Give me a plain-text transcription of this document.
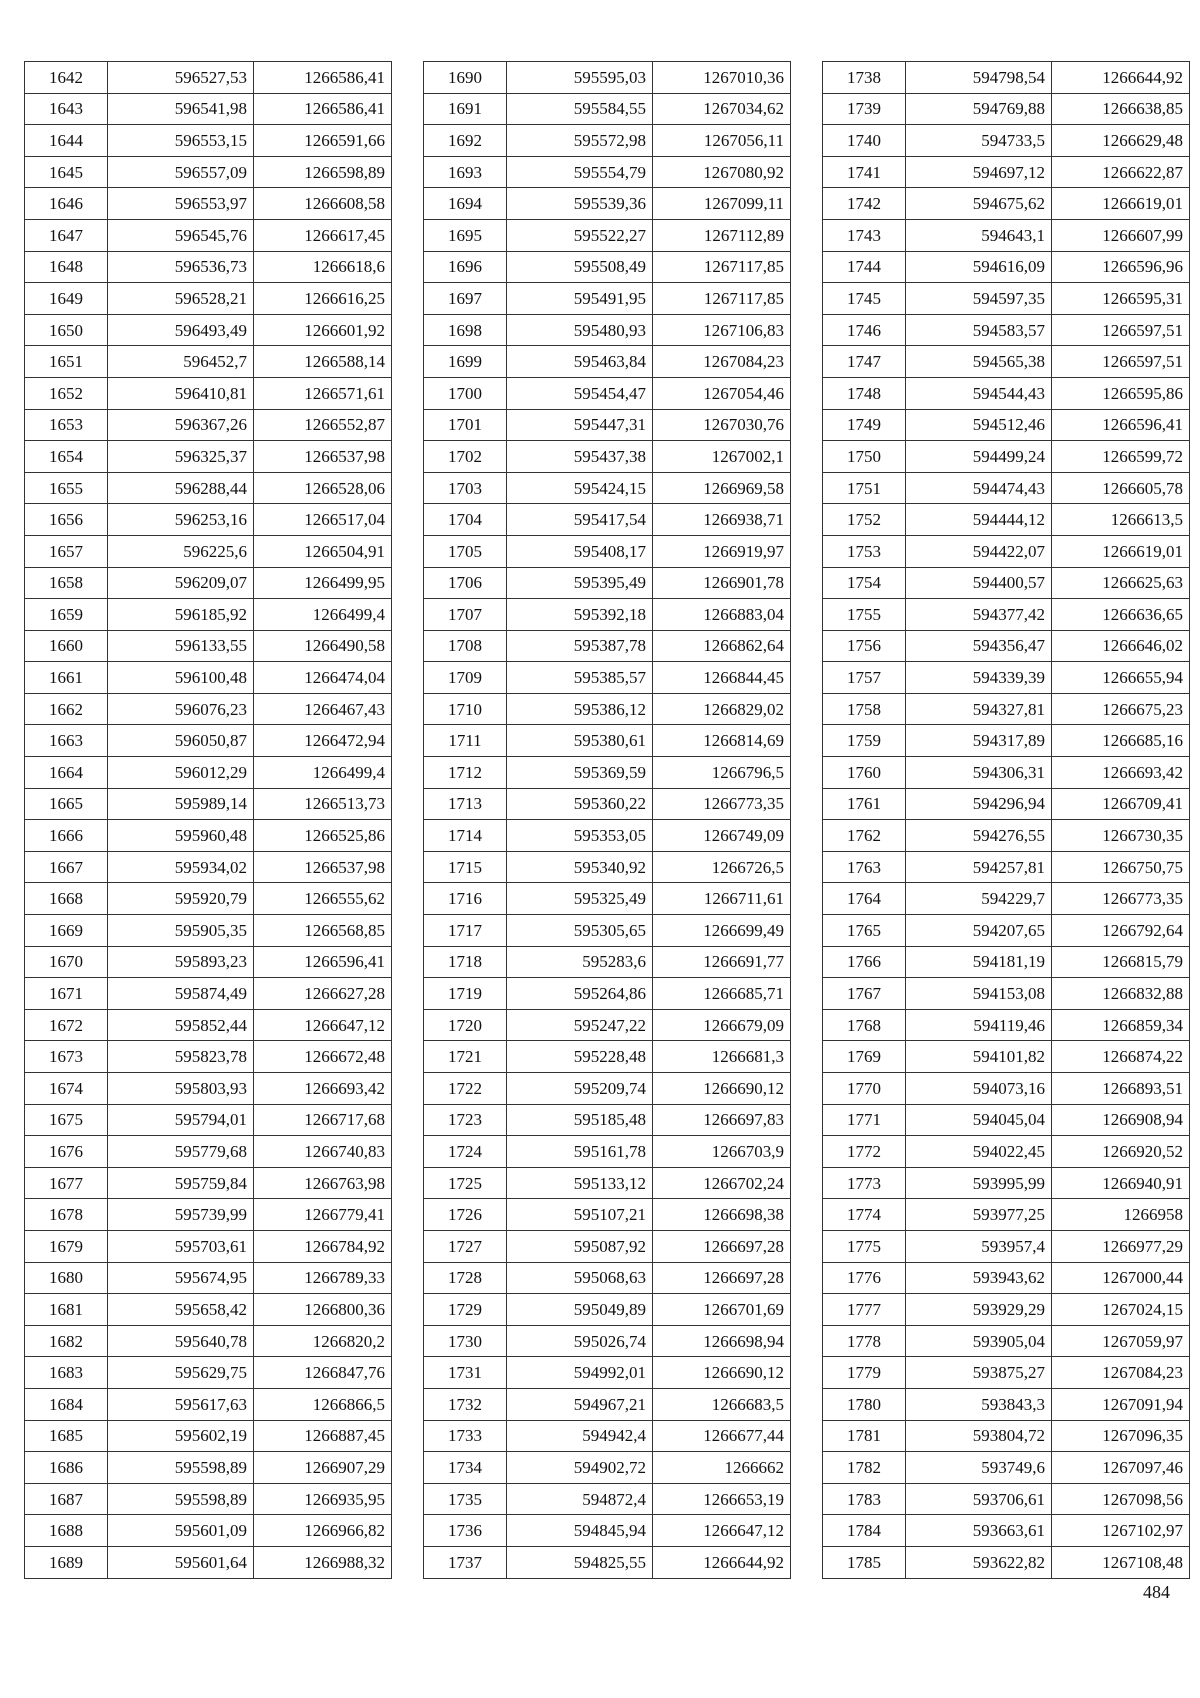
1642	596527,53	1266586,41
1643	596541,98	1266586,41
1644	596553,15	1266591,66
1645	596557,09	1266598,89
1646	596553,97	1266608,58
1647	596545,76	1266617,45
1648	596536,73	1266618,6
1649	596528,21	1266616,25
1650	596493,49	1266601,92
1651	596452,7	1266588,14
1652	596410,81	1266571,61
1653	596367,26	1266552,87
1654	596325,37	1266537,98
1655	596288,44	1266528,06
1656	596253,16	1266517,04
1657	596225,6	1266504,91
1658	596209,07	1266499,95
1659	596185,92	1266499,4
1660	596133,55	1266490,58
1661	596100,48	1266474,04
1662	596076,23	1266467,43
1663	596050,87	1266472,94
1664	596012,29	1266499,4
1665	595989,14	1266513,73
1666	595960,48	1266525,86
1667	595934,02	1266537,98
1668	595920,79	1266555,62
1669	595905,35	1266568,85
1670	595893,23	1266596,41
1671	595874,49	1266627,28
1672	595852,44	1266647,12
1673	595823,78	1266672,48
1674	595803,93	1266693,42
1675	595794,01	1266717,68
1676	595779,68	1266740,83
1677	595759,84	1266763,98
1678	595739,99	1266779,41
1679	595703,61	1266784,92
1680	595674,95	1266789,33
1681	595658,42	1266800,36
1682	595640,78	1266820,2
1683	595629,75	1266847,76
1684	595617,63	1266866,5
1685	595602,19	1266887,45
1686	595598,89	1266907,29
1687	595598,89	1266935,95
1688	595601,09	1266966,82
1689	595601,64	1266988,32
1690	595595,03	1267010,36
1691	595584,55	1267034,62
1692	595572,98	1267056,11
1693	595554,79	1267080,92
1694	595539,36	1267099,11
1695	595522,27	1267112,89
1696	595508,49	1267117,85
1697	595491,95	1267117,85
1698	595480,93	1267106,83
1699	595463,84	1267084,23
1700	595454,47	1267054,46
1701	595447,31	1267030,76
1702	595437,38	1267002,1
1703	595424,15	1266969,58
1704	595417,54	1266938,71
1705	595408,17	1266919,97
1706	595395,49	1266901,78
1707	595392,18	1266883,04
1708	595387,78	1266862,64
1709	595385,57	1266844,45
1710	595386,12	1266829,02
1711	595380,61	1266814,69
1712	595369,59	1266796,5
1713	595360,22	1266773,35
1714	595353,05	1266749,09
1715	595340,92	1266726,5
1716	595325,49	1266711,61
1717	595305,65	1266699,49
1718	595283,6	1266691,77
1719	595264,86	1266685,71
1720	595247,22	1266679,09
1721	595228,48	1266681,3
1722	595209,74	1266690,12
1723	595185,48	1266697,83
1724	595161,78	1266703,9
1725	595133,12	1266702,24
1726	595107,21	1266698,38
1727	595087,92	1266697,28
1728	595068,63	1266697,28
1729	595049,89	1266701,69
1730	595026,74	1266698,94
1731	594992,01	1266690,12
1732	594967,21	1266683,5
1733	594942,4	1266677,44
1734	594902,72	1266662
1735	594872,4	1266653,19
1736	594845,94	1266647,12
1737	594825,55	1266644,92
1738	594798,54	1266644,92
1739	594769,88	1266638,85
1740	594733,5	1266629,48
1741	594697,12	1266622,87
1742	594675,62	1266619,01
1743	594643,1	1266607,99
1744	594616,09	1266596,96
1745	594597,35	1266595,31
1746	594583,57	1266597,51
1747	594565,38	1266597,51
1748	594544,43	1266595,86
1749	594512,46	1266596,41
1750	594499,24	1266599,72
1751	594474,43	1266605,78
1752	594444,12	1266613,5
1753	594422,07	1266619,01
1754	594400,57	1266625,63
1755	594377,42	1266636,65
1756	594356,47	1266646,02
1757	594339,39	1266655,94
1758	594327,81	1266675,23
1759	594317,89	1266685,16
1760	594306,31	1266693,42
1761	594296,94	1266709,41
1762	594276,55	1266730,35
1763	594257,81	1266750,75
1764	594229,7	1266773,35
1765	594207,65	1266792,64
1766	594181,19	1266815,79
1767	594153,08	1266832,88
1768	594119,46	1266859,34
1769	594101,82	1266874,22
1770	594073,16	1266893,51
1771	594045,04	1266908,94
1772	594022,45	1266920,52
1773	593995,99	1266940,91
1774	593977,25	1266958
1775	593957,4	1266977,29
1776	593943,62	1267000,44
1777	593929,29	1267024,15
1778	593905,04	1267059,97
1779	593875,27	1267084,23
1780	593843,3	1267091,94
1781	593804,72	1267096,35
1782	593749,6	1267097,46
1783	593706,61	1267098,56
1784	593663,61	1267102,97
1785	593622,82	1267108,48
484
